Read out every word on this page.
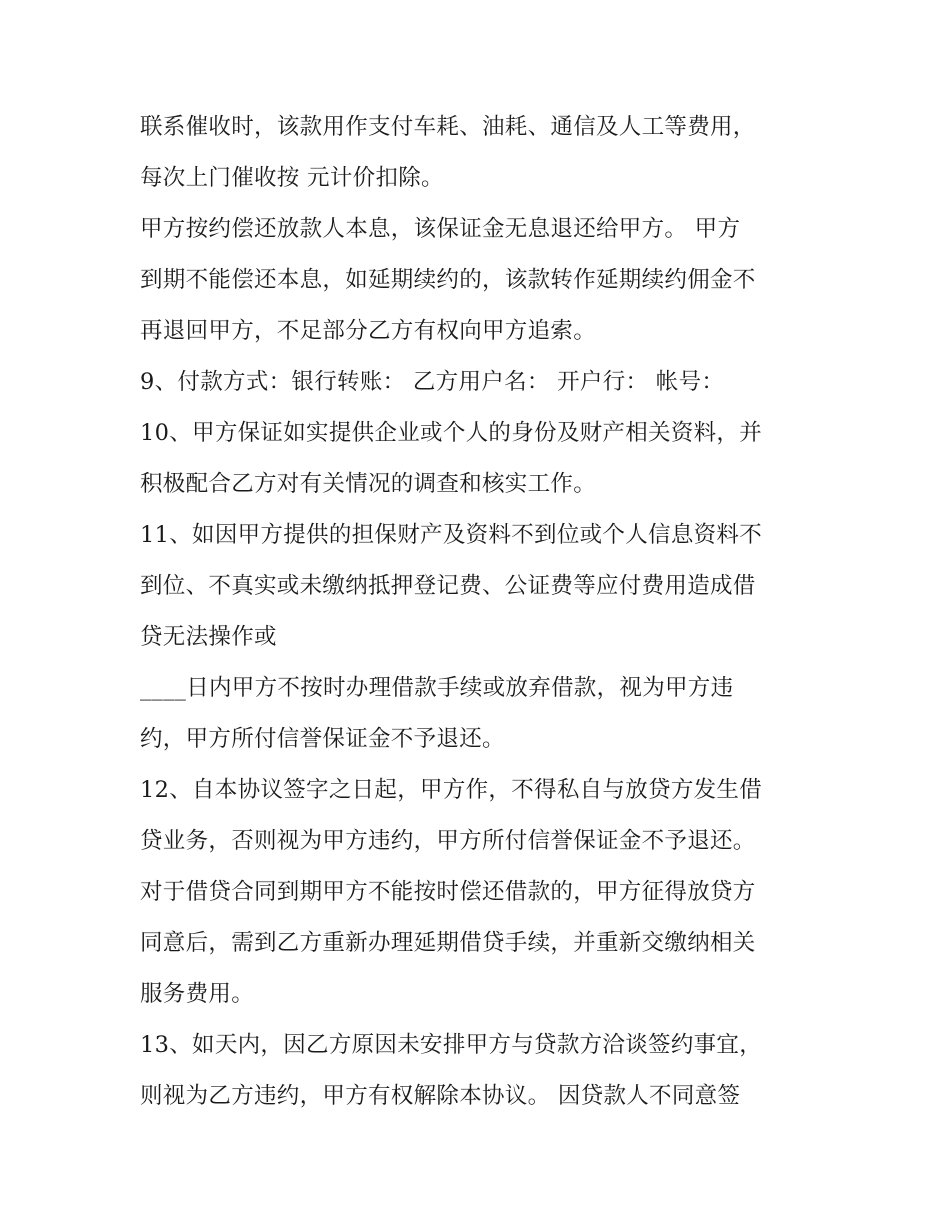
联系催收时，该款用作支付车耗、油耗、通信及人工等费用，
每次上门催收按 元计价扣除。
甲方按约偿还放款人本息，该保证金无息退还给甲方。 甲方
到期不能偿还本息，如延期续约的，该款转作延期续约佣金不
再退回甲方，不足部分乙方有权向甲方追索。
9、付款方式：银行转账： 乙方用户名： 开户行： 帐号：
10、甲方保证如实提供企业或个人的身份及财产相关资料，并
积极配合乙方对有关情况的调查和核实工作。
11、如因甲方提供的担保财产及资料不到位或个人信息资料不
到位、不真实或未缴纳抵押登记费、公证费等应付费用造成借
贷无法操作或
____日内甲方不按时办理借款手续或放弃借款，视为甲方违
约，甲方所付信誉保证金不予退还。
12、自本协议签字之日起，甲方作，不得私自与放贷方发生借
贷业务，否则视为甲方违约，甲方所付信誉保证金不予退还。
对于借贷合同到期甲方不能按时偿还借款的，甲方征得放贷方
同意后，需到乙方重新办理延期借贷手续，并重新交缴纳相关
服务费用。
13、如天内，因乙方原因未安排甲方与贷款方洽谈签约事宜，
则视为乙方违约，甲方有权解除本协议。 因贷款人不同意签
